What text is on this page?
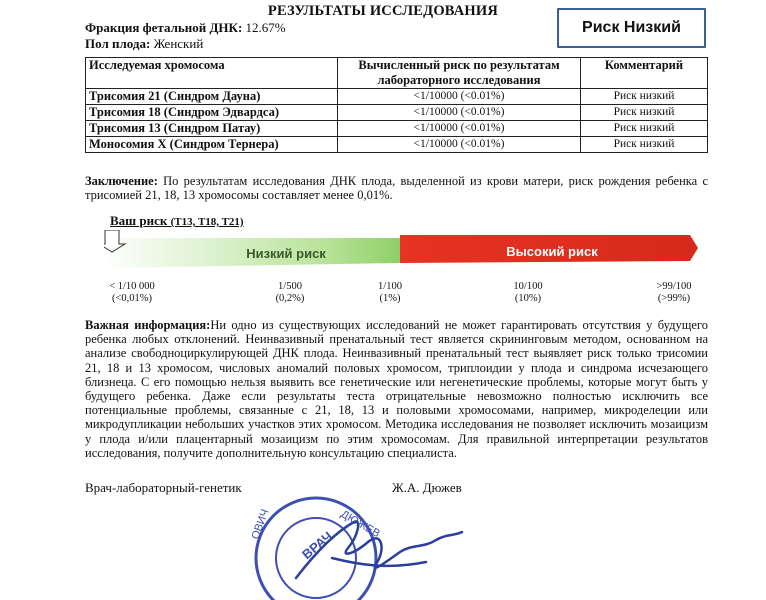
РЕЗУЛЬТАТЫ ИССЛЕДОВАНИЯ
Фракция фетальной ДНК: 12.67%
Пол плода: Женский
Риск Низкий
Исследуемая хромосома	Вычисленный риск по результатам лабораторного исследования	Комментарий
Трисомия 21 (Синдром Дауна)	<1/10000 (<0.01%)	Риск низкий
Трисомия 18 (Синдром Эдвардса)	<1/10000 (<0.01%)	Риск низкий
Трисомия 13 (Синдром Патау)	<1/10000 (<0.01%)	Риск низкий
Моносомия X (Синдром Тернера)	<1/10000 (<0.01%)	Риск низкий
Заключение: По результатам исследования ДНК плода, выделенной из крови матери, риск рождения ребенка с трисомией 21, 18, 13 хромосомы составляет менее 0,01%.
Ваш риск (T13, T18, T21)
Низкий риск	Высокий риск
< 1/10 000
(<0,01%)
1/500
(0,2%)
1/100
(1%)
10/100
(10%)
>99/100
(>99%)
Важная информация:Ни одно из существующих исследований не может гарантировать отсутствия у будущего ребенка любых отклонений. Неинвазивный пренатальный тест является скрининговым методом, основанном на анализе свободноциркулирующей ДНК плода. Неинвазивный пренатальный тест выявляет риск только трисомии 21, 18 и 13 хромосом, числовых аномалий половых хромосом, триплоидии у плода и синдрома исчезающего близнеца. С его помощью нельзя выявить все генетические или негенетические проблемы, которые могут быть у будущего ребенка. Даже если результаты теста отрицательные невозможно полностью исключить все потенциальные проблемы, связанные с 21, 18, 13 и половыми хромосомами, например, микроделеции или микродупликации небольших участков этих хромосом. Методика исследования не позволяет исключить мозаицизм у плода и/или плацентарный мозаицизм по этим хромосомам. Для правильной интерпретации результатов исследования, получите дополнительную консультацию специалиста.
Врач-лабораторный-генетик	Ж.А. Дюжев
ДЮЖЕВ
ВРАЧ
ОВИЧ
